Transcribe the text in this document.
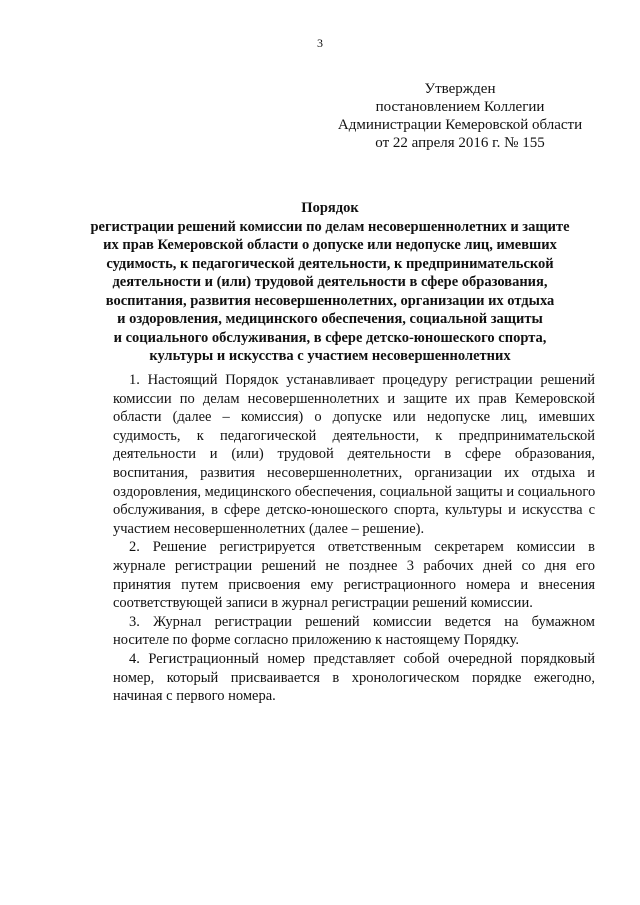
3
Утвержден
постановлением Коллегии
Администрации Кемеровской области
от 22 апреля 2016 г. № 155
Порядок
регистрации решений комиссии по делам несовершеннолетних и защите
их прав Кемеровской области о допуске или недопуске лиц, имевших
судимость, к педагогической деятельности, к предпринимательской
деятельности и (или) трудовой деятельности в сфере образования,
воспитания, развития несовершеннолетних, организации их отдыха
и оздоровления, медицинского обеспечения, социальной защиты
и социального обслуживания, в сфере детско-юношеского спорта,
культуры и искусства с участием несовершеннолетних
1. Настоящий Порядок устанавливает процедуру регистрации решений
комиссии по делам несовершеннолетних и защите их прав Кемеровской
области (далее – комиссия) о допуске или недопуске лиц, имевших
судимость, к педагогической деятельности, к предпринимательской
деятельности и (или) трудовой деятельности в сфере образования,
воспитания, развития несовершеннолетних, организации их отдыха и
оздоровления, медицинского обеспечения, социальной защиты и социального
обслуживания, в сфере детско-юношеского спорта, культуры и искусства с
участием несовершеннолетних (далее – решение).
2. Решение регистрируется ответственным секретарем комиссии в
журнале регистрации решений не позднее 3 рабочих дней со дня его
принятия путем присвоения ему регистрационного номера и внесения
соответствующей записи в журнал регистрации решений комиссии.
3. Журнал регистрации решений комиссии ведется на бумажном
носителе по форме согласно приложению к настоящему Порядку.
4. Регистрационный номер представляет собой очередной порядковый
номер, который присваивается в хронологическом порядке ежегодно,
начиная с первого номера.
